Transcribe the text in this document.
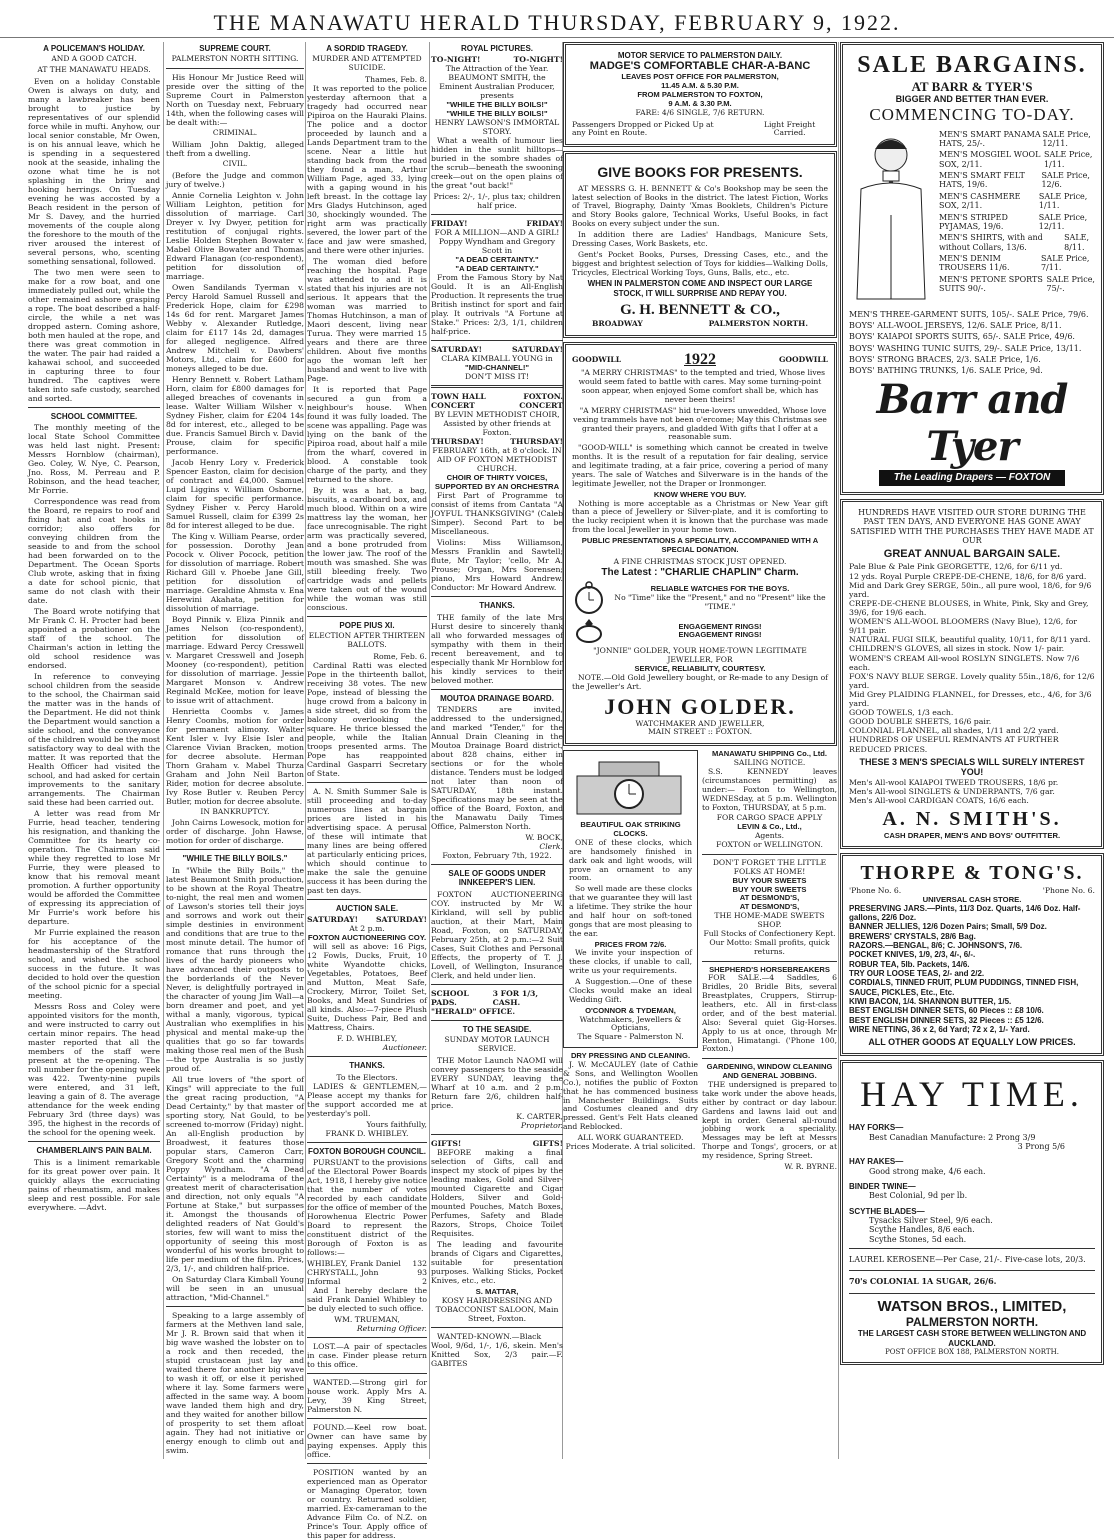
THE MANAWATU HERALD THURSDAY, FEBRUARY 9, 1922.
A POLICEMAN'S HOLIDAY.
AND A GOOD CATCH.
AT THE MANAWATU HEADS.

Even on a holiday Constable Owen is always on duty, and many a lawbreaker has been brought to justice by representatives of our splendid force while in mufti. Anyhow, our local senior constable, Mr Owen, is on his annual leave, which he is spending in a sequestered nook at the seaside, inhaling the ozone what time he is not splashing in the briny and hooking herrings. On Tuesday evening he was accosted by a Beach resident in the person of Mr S. Davey, and the hurried movements of the couple along the foreshore to the mouth of the river aroused the interest of several persons, who, scenting something sensational, followed.

The two men were seen to make for a row boat, and one immediately pulled out, while the other remained ashore grasping a rope. The boat described a half-circle, the while a net was dropped astern. Coming ashore, both men hauled at the rope, and there was great commotion in the water. The pair had raided a kahawai school, and succeeded in capturing three to four hundred. The captives were taken into safe custody, searched and sorted.

SCHOOL COMMITTEE.

The monthly meeting of the local State School Committee was held last night. Present: Messrs Hornblow (chairman), Geo. Coley, W. Nye, C. Pearson, Jno. Ross, M. Perreau and P. Robinson, and the head teacher, Mr Forrie.

Correspondence was read from the Board, re repairs to roof and fixing hat and coat hooks in corridor; also offers for conveying children from the seaside to and from the school had been forwarded on to the Department. The Ocean Sports Club wrote, asking that in fixing a date for school picnic, that same do not clash with their date.

The Board wrote notifying that Mr Frank C. H. Procter had been appointed a probationer on the staff of the school. The Chairman's action in letting the old school residence was endorsed.

In reference to conveying school children from the seaside to the school, the Chairman said the matter was in the hands of the Department. He did not think the Department would sanction a side school, and the conveyance of the children would be the most satisfactory way to deal with the matter. It was reported that the Health Officer had visited the school, and had asked for certain improvements to the sanitary arrangements. The Chairman said these had been carried out.

A letter was read from Mr Furrie, head teacher, tendering his resignation, and thanking the Committee for its hearty co-operation. The Chairman said while they regretted to lose Mr Furrie, they were pleased to know that his removal meant promotion. A further opportunity would be afforded the Committee of expressing its appreciation of Mr Furrie's work before his departure.

Mr Furrie explained the reason for his acceptance of the headmastership of the Stratford school, and wished the school success in the future. It was decided to hold over the question of the school picnic for a special meeting.

Messrs Ross and Coley were appointed visitors for the month, and were instructed to carry out certain minor repairs. The head master reported that all the members of the staff were present at the re-opening. The roll number for the opening week was 422. Twenty-nine pupils were entered, and 31 left, leaving a gain of 8. The average attendance for the week ending February 3rd (three days) was 395, the highest in the records of the school for the opening week.

CHAMBERLAIN'S PAIN BALM.

This is a liniment remarkable for its great power over pain. It quickly allays the excruciating pains of rheumatism, and makes sleep and rest possible. For sale everywhere. —Advt.

SUPREME COURT.
PALMERSTON NORTH SITTING.

His Honour Mr Justice Reed will preside over the sitting of the Supreme Court in Palmerston North on Tuesday next, February 14th, when the following cases will be dealt with:—

CRIMINAL.

William John Daktig, alleged theft from a dwelling.

CIVIL.

(Before the Judge and common jury of twelve.)

Annie Cornelia Leighton v. John William Leighton, petition for dissolution of marriage. Carl Dreyer v. Ivy Dwyer, petition for restitution of conjugal rights. Leslie Holden Stephen Bowater v. Mabel Olive Bowater and Thomas Edward Flanagan (co-respondent), petition for dissolution of marriage.

Owen Sandilands Tyerman v. Percy Harold Samuel Russell and Frederick Hope, claim for £298 14s 6d for rent. Margaret James Webby v. Alexander Rutledge, claim for £117 14s 2d, damages for alleged negligence. Alfred Andrew Mitchell v. Dawbers' Motors, Ltd., claim for £600 for moneys alleged to be due.

Henry Bennett v. Robert Latham Horn, claim for £800 damages for alleged breaches of covenants in lease. Walter William Wilsher v. Sydney Fisher, claim for £204 14s 8d for interest, etc., alleged to be due. Francis Samuel Birch v. David Prouse, claim for specific performance.

Jacob Henry Lory v. Frederick Spencer Easton, claim for decision of contract and £4,000. Samuel Lupd Liggins v. William Osborne, claim for specific performance. Sydney Fisher v. Percy Harold Samuel Russell, claim for £399 2s 8d for interest alleged to be due.

The King v. William Pearse, order for possession. Dorothy Jean Pocock v. Oliver Pocock, petition for dissolution of marriage. Robert Richard Gill v. Phoebe Jane Gill, petition for dissolution of marriage. Geraldine Ahmsta v. Ena Herewini Akahata, petition for dissolution of marriage.

Boyd Pinnik v. Eliza Pinnik and James Nelson (co-respondent), petition for dissolution of marriage. Edward Percy Cresswell v. Margaret Cresswell and Joseph Mooney (co-respondent), petition for dissolution of marriage. Jessie Margaret Monson v. Andrew Reginald McKee, motion for leave to issue writ of attachment.

Henrietta Coombs v. James Henry Coombs, motion for order for permanent alimony. Walter Kent Isler v. Ivy Elsie Isler and Clarence Vivian Bracken, motion for decree absolute. Herman Thorn Graham v. Mabel Thurza Graham and John Neil Barton Rider, motion for decree absolute. Ivy Rose Butler v. Reuben Percy Butler, motion for decree absolute.

IN BANKRUPTCY.

John Cairns Lowesock, motion for order of discharge. John Hawse, motion for order of discharge.

"WHILE THE BILLY BOILS."

In "While the Billy Boils," the latest Beaumont Smith production, to be shown at the Royal Theatre to-night, the real men and women of Lawson's stories tell their joys and sorrows and work out their simple destinies in environment and conditions that are true to the most minute detail. The humor of romance that runs through the lives of the hardy pioneers who have advanced their outposts to the borderlands of the Never Never, is delightfully portrayed in the character of young Jim Wall—a born dreamer and poet, and yet withal a manly, vigorous, typical Australian who exemplifies in his physical and mental make-up the qualities that go so far towards making those real men of the Bush—the type Australia is so justly proud of.

All true lovers of "the sport of Kings" will appreciate to the full the great racing production, "A Dead Certainty," by that master of sporting story, Nat Gould, to be screened to-morrow (Friday) night. An all-English production by Broadwest, it features those popular stars, Cameron Carr, Gregory Scott and the charming Poppy Wyndham. "A Dead Certainty" is a melodrama of the greatest merit of characterisation and direction, not only equals "A Fortune at Stake," but surpasses it. Amongst the thousands of delighted readers of Nat Gould's stories, few will want to miss the opportunity of seeing this most wonderful of his works brought to life per medium of the film. Prices, 2/3, 1/-, and children half-price.

On Saturday Clara Kimball Young will be seen in an unusual attraction, "Mid-Channel."

Speaking to a large assembly of farmers at the Methven land sale, Mr J. R. Brown said that when it big wave washed the lobster on to a rock and then receded, the stupid crustacean just lay and waited there for another big wave to wash it off, or else it perished where it lay. Some farmers were affected in the same way. A boom wave landed them high and dry, and they waited for another billow of prosperity to set them afloat again. They had not initiative or energy enough to climb out and swim.

A SORDID TRAGEDY.
MURDER AND ATTEMPTED SUICIDE.
Thames, Feb. 8.

It was reported to the police yesterday afternoon that a tragedy had occurred near Pipiroa on the Hauraki Plains. The police and a doctor proceeded by launch and a Lands Department tram to the scene. Near a little hut standing back from the road they found a man, Arthur William Page, aged 33, lying with a gaping wound in his left breast. In the cottage lay Mrs Gladys Hutchinson, aged 30, shockingly wounded. The right arm was practically severed, the lower part of the face and jaw were smashed, and there were other injuries.

The woman died before reaching the hospital. Page was attended to and it is stated that his injuries are not serious. It appears that the woman was married to Thomas Hutchinson, a man of Maori descent, living near Turua. They were married 15 years and there are three children. About five months ago the woman left her husband and went to live with Page.

It is reported that Page secured a gun from a neighbour's house. When found it was fully loaded. The scene was appalling. Page was lying on the bank of the Pipiroa road, about half a mile from the wharf, covered in blood. A constable took charge of the party, and they returned to the shore.

By it was a hat, a bag, biscuits, a cardboard box, and much blood. Within on a wire mattress lay the woman, her face unrecognisable. The right arm was practically severed, and a bone protruded from the lower jaw. The roof of the mouth was smashed. She was still bleeding freely. Two cartridge wads and pellets were taken out of the wound while the woman was still conscious.

POPE PIUS XI.
ELECTION AFTER THIRTEEN BALLOTS.
Rome, Feb. 6.

Cardinal Ratti was elected Pope in the thirteenth ballot, receiving 38 votes. The new Pope, instead of blessing the huge crowd from a balcony in a side street, did so from the balcony overlooking the square. He thrice blessed the people, while the Italian troops presented arms. The Pope has reappointed Cardinal Gasparri Secretary of State.

A. N. Smith Summer Sale is still proceeding and to-day numerous lines at bargain prices are listed in his advertising space. A perusal of these will intimate that many lines are being offered at particularly enticing prices, which should continue to make the sale the genuine success it has been during the past ten days.

AUCTION SALE.
SATURDAY! SATURDAY!
At 2 p.m.
FOXTON AUCTIONEERING COY.

will sell as above: 16 Pigs, 12 Fowls, Ducks, Fruit, 10 white Wyandotte chicks, Vegetables, Potatoes, Beef and Mutton, Meat Safe, Crockery, Mirror, Toilet Set, Books, and Meat Sundries of all kinds. Also:—7-piece Plush Suite, Duchess Pair, Bed and Mattress, Chairs.

F. D. WHIBLEY,
Auctioneer.
THANKS.
To the Electors.

LADIES & GENTLEMEN,— Please accept my thanks for the support accorded me at yesterday's poll.

Yours faithfully,
FRANK D. WHIBLEY.
FOXTON BOROUGH COUNCIL.

PURSUANT to the provisions of the Electoral Power Boards Act, 1918, I hereby give notice that the number of votes recorded by each candidate for the office of member of the Horowhenua Electric Power Board to represent the constituent district of the Borough of Foxton is as follows:—

WHIBLEY, Frank Daniel 132
CHRYSTALL, John	93
Informal	2

And I hereby declare the said Frank Daniel Whibley to be duly elected to such office.

WM. TRUEMAN,
Returning Officer.

LOST.—A pair of spectacles in case. Finder please return to this office.

WANTED.—Strong girl for house work. Apply Mrs A. Levy, 39 King Street, Palmerston N.

FOUND.—Keel row boat. Owner can have same by paying expenses. Apply this office.

POSITION wanted by an experienced man as Operator or Managing Operator, town or country. Returned soldier, married. Ex-cameraman to the Advance Film Co. of N.Z. on Prince's Tour. Apply office of this paper for address.

ROYAL PICTURES.
TO-NIGHT!	TO-NIGHT!
The Attraction of the Year. BEAUMONT SMITH, the Eminent Australian Producer, presents
"WHILE THE BILLY BOILS!"
"WHILE THE BILLY BOILS!"
HENRY LAWSON'S IMMORTAL STORY.

What a wealth of humour lies hidden in the sunlit hilltops—buried in the sombre shades of the scrub—beneath the swooning creek—out on the open plains of the great "out back!"

Prices: 2/-, 1/-, plus tax; children half price.
FRIDAY!	FRIDAY!
FOR A MILLION—AND A GIRL! Poppy Wyndham and Gregory Scott in
"A DEAD CERTAINTY."
"A DEAD CERTAINTY."

From the Famous Story by Nat Gould. It is an All-English Production. It represents the true British instinct for sport and fair play. It outrivals "A Fortune at Stake." Prices: 2/3, 1/1, children half-price.

SATURDAY!	SATURDAY!
CLARA KIMBALL YOUNG in
"MID-CHANNEL!"
DON'T MISS IT!
TOWN HALL	FOXTON.
CONCERT	CONCERT
BY LEVIN METHODIST CHOIR, Assisted by other friends at Foxton.
THURSDAY!	THURSDAY!
FEBRUARY 16th, at 8 o'clock. IN AID OF FOXTON METHODIST CHURCH.
CHOIR OF THIRTY VOICES,
SUPPORTED BY AN ORCHESTRA

First Part of Programme to consist of items from Cantata "A JOYFUL THANKSGIVING" (Caleb Simper). Second Part to be Miscellaneous.

Violins: Miss Williamson, Messrs Franklin and Sawtell; flute, Mr Taylor; 'cello, Mr A. Prouse; Organ, Mrs Sorensen; piano, Mrs Howard Andrew. Conductor: Mr Howard Andrew.

THANKS.

THE family of the late Mrs Hurst desire to sincerely thank all who forwarded messages of sympathy with them in their recent bereavement, and to especially thank Mr Hornblow for his kindly services to their beloved mother.

MOUTOA DRAINAGE BOARD.

TENDERS are invited, addressed to the undersigned, and marked "Tender," for the Annual Drain Cleaning in the Moutoa Drainage Board district, about 828 chains, either in sections or for the whole distance. Tenders must be lodged not later than noon of SATURDAY, 18th instant. Specifications may be seen at the office of the Board, Foxton, and the Manawatu Daily Times Office, Palmerston North.

W. BOCK,
Clerk.
Foxton, February 7th, 1922.
SALE OF GOODS UNDER INNKEEPER'S LIEN.

FOXTON AUCTIONEERING COY. instructed by Mr W. Kirkland, will sell by public auction, at their Mart, Main Road, Foxton, on SATURDAY, February 25th, at 2 p.m.:—2 Suit Cases, Suit Clothes and Personal Effects, the property of T. J. Lovell, of Wellington, Insurance Clerk, and held under lien.

SCHOOL PADS.
3 FOR 1/3, CASH.
"HERALD" OFFICE.
TO THE SEASIDE.
SUNDAY MOTOR LAUNCH SERVICE.

THE Motor Launch NAOMI will convey passengers to the seaside EVERY SUNDAY, leaving the Wharf at 10 a.m. and 2 p.m. Return fare 2/6, children half-price.

K. CARTER,
Proprietor.
GIFTS!	GIFTS!

BEFORE making a final selection of Gifts, call and inspect my stock of pipes by the leading makes, Gold and Silver-mounted Cigarette and Cigar Holders, Silver and Gold-mounted Pouches, Match Boxes, Perfumes, Safety and Blade Razors, Strops, Choice Toilet Requisites.

The leading and favourite brands of Cigars and Cigarettes, suitable for presentation purposes. Walking Sticks, Pocket Knives, etc., etc.

S. MATTAR,
KOSY HAIRDRESSING AND TOBACCONIST SALOON, Main Street, Foxton.

WANTED-KNOWN.—Black Wool, 9/6d, 1/-, 1/6, skein. Men's Knitted Sox, 2/3 pair.—F. GABITES

MOTOR SERVICE TO PALMERSTON DAILY.
MADGE'S COMFORTABLE CHAR-A-BANC
LEAVES POST OFFICE FOR PALMERSTON,
11.45 A.M. & 5.30 P.M.
FROM PALMERSTON TO FOXTON,
9 A.M. & 3.30 P.M.
FARE: 4/6 SINGLE, 7/6 RETURN.
Passengers Dropped or Picked Up at any Point en Route.
Light Freight Carried.
GIVE BOOKS FOR PRESENTS.

AT MESSRS G. H. BENNETT & Co's Bookshop may be seen the latest selection of Books in the district. The latest Fiction, Works of Travel, Biography, Dainty 'Xmas Booklets, Children's Picture and Story Books galore, Technical Works, Useful Books, in fact Books on every subject under the sun.

In addition there are Ladies' Handbags, Manicure Sets, Dressing Cases, Work Baskets, etc.

Gent's Pocket Books, Purses, Dressing Cases, etc., and the biggest and brightest selection of Toys for kiddies—Walking Dolls, Tricycles, Electrical Working Toys, Guns, Balls, etc., etc.

WHEN IN PALMERSTON COME AND INSPECT OUR LARGE STOCK, IT WILL SURPRISE AND REPAY YOU.
G. H. BENNETT & CO.,
BROADWAY	PALMERSTON NORTH.
GOODWILL	1922	GOODWILL

"A MERRY CHRISTMAS" to the tempted and tried, Whose lives would seem fated to battle with cares. May some turning-point soon appear, when enjoyed Some comfort shall be, which has never been theirs!

"A MERRY CHRISTMAS" hid true-lovers unwedded, Whose love vexing trammels have not been o'ercome; May this Christmas see granted their prayers, and gladded With gifts that I offer at a reasonable sum.

"GOOD-WILL" is something which cannot be created in twelve months. It is the result of a reputation for fair dealing, service and legitimate trading, at a fair price, covering a period of many years. The sale of Watches and Silverware is in the hands of the legitimate Jeweller, not the Draper or Ironmonger.

KNOW WHERE YOU BUY.

Nothing is more acceptable as a Christmas or New Year gift than a piece of Jewellery or Silver-plate, and it is comforting to the lucky recipient when it is known that the purchase was made from the local Jeweller in your home town.

PUBLIC PRESENTATIONS A SPECIALITY, ACCOMPANIED WITH A SPECIAL DONATION.
A FINE CHRISTMAS STOCK JUST OPENED.
The Latest : "CHARLIE CHAPLIN" Charm.
RELIABLE WATCHES FOR THE BOYS.
No "Time" like the "Present," and no "Present" like the "TIME."
ENGAGEMENT RINGS!
ENGAGEMENT RINGS!
"JONNIE" GOLDER, YOUR HOME-TOWN LEGITIMATE JEWELLER, FOR
SERVICE, RELIABILITY, COURTESY.

NOTE.—Old Gold Jewellery bought, or Re-made to any Design of the Jeweller's Art.

JOHN GOLDER.
WATCHMAKER AND JEWELLER,
MAIN STREET :: FOXTON.
BEAUTIFUL OAK STRIKING CLOCKS.

ONE of these clocks, which are handsomely finished in dark oak and light woods, will prove an ornament to any room.

So well made are these clocks that we guarantee they will last a lifetime. They strike the hour and half hour on soft-toned gongs that are most pleasing to the ear.

PRICES FROM 72/6.

We invite your inspection of these clocks, if unable to call, write us your requirements.

A Suggestion.—One of these Clocks would make an ideal Wedding Gift.

O'CONNOR & TYDEMAN,
Watchmakers, Jewellers & Opticians,
The Square - Palmerston N.
DRY PRESSING AND CLEANING.

J. W. McCAULEY (late of Cathie & Sons, and Wellington Woollen Co.), notifies the public of Foxton that he has commenced business in Manchester Buildings. Suits and Costumes cleaned and dry pressed. Gent's Felt Hats cleaned and Reblocked.

ALL WORK GUARANTEED.
Prices Moderate. A trial solicited.
MANAWATU SHIPPING Co., Ltd.
SAILING NOTICE.

S.S. KENNEDY leaves (circumstances permitting) as under:— Foxton to Wellington, WEDNESday, at 5 p.m. Wellington to Foxton, THURSDAY, at 5 p.m.

FOR CARGO SPACE APPLY
LEVIN & Co., Ltd.,
Agents.
FOXTON or WELLINGTON.
DON'T FORGET THE LITTLE FOLKS AT HOME!
BUY YOUR SWEETS
BUY YOUR SWEETS
AT DESMOND'S,
AT DESMOND'S,
THE HOME-MADE SWEETS SHOP.
Full Stocks of Confectionery Kept.
Our Motto: Small profits, quick returns.
SHEPHERD'S HORSEBREAKERS

FOR SALE.—4 Saddles, 6 Bridles, 20 Bridle Bits, several Breastplates, Cruppers, Stirrup-leathers, etc. All in first-class order, and of the best material. Also: Several quiet Gig-Horses. Apply to us at once, through Mr Renton, Himatangi. ('Phone 100, Foxton.)

GARDENING, WINDOW CLEANING AND GENERAL JOBBING.

THE undersigned is prepared to take work under the above heads, either by contract or day labour. Gardens and lawns laid out and kept in order. General all-round jobbing work a speciality. Messages may be left at Messrs Thorpe and Tongs', grocers, or at my residence, Spring Street.

W. R. BYRNE.
SALE BARGAINS.
AT BARR & TYER'S
BIGGER AND BETTER THAN EVER.
COMMENCING TO-DAY.
MEN'S SMART PANAMA HATS, 25/-.
SALE Price, 12/11.
MEN'S MOSGIEL WOOL SOX, 2/11.
SALE Price, 1/11.
MEN'S SMART FELT HATS, 19/6.
SALE Price, 12/6.
MEN'S CASHMERE SOX, 2/11.
SALE Price, 1/11.
MEN'S STRIPED PYJAMAS, 19/6.
SALE Price, 12/11.
MEN'S SHIRTS, with and without Collars, 13/6.
SALE, 8/11.
MEN'S DENIM TROUSERS 11/6.
SALE Price, 7/11.
MEN'S PETONE SPORTS SUITS 90/-.
SALE Price, 75/-.
MEN'S THREE-GARMENT SUITS, 105/-. SALE Price, 79/6.
BOYS' ALL-WOOL JERSEYS, 12/6. SALE Price, 8/11.
BOYS' KAIAPOI SPORTS SUITS, 65/-. SALE Price, 49/6.
BOYS' WASHING TUNIC SUITS, 29/-. SALE Price, 13/11.
BOYS' STRONG BRACES, 2/3. SALE Price, 1/6.
BOYS' BATHING TRUNKS, 1/6. SALE Price, 9d.
Barr and Tyer
The Leading Drapers — FOXTON
HUNDREDS HAVE VISITED OUR STORE DURING THE PAST TEN DAYS, AND EVERYONE HAS GONE AWAY SATISFIED WITH THE PURCHASES THEY HAVE MADE AT OUR
GREAT ANNUAL BARGAIN SALE.
Pale Blue & Pale Pink GEORGETTE, 12/6, for 6/11 yd.
12 yds. Royal Purple CREPE-DE-CHENE, 18/6, for 8/6 yard.
Mid and Dark Grey SERGE, 50in., all pure wool, 18/6, for 9/6 yard.
CREPE-DE-CHENE BLOUSES, in White, Pink, Sky and Grey, 39/6, for 19/6 each.
WOMEN'S ALL-WOOL BLOOMERS (Navy Blue), 12/6, for 9/11 pair.
NATURAL FUGI SILK, beautiful quality, 10/11, for 8/11 yard.
CHILDREN'S GLOVES, all sizes in stock. Now 1/- pair.
WOMEN'S CREAM All-wool ROSLYN SINGLETS. Now 7/6 each.
FOX'S NAVY BLUE SERGE. Lovely quality 55in.,18/6, for 12/6 yard.
Mid Grey PLAIDING FLANNEL, for Dresses, etc., 4/6, for 3/6 yard.
GOOD TOWELS, 1/3 each.
GOOD DOUBLE SHEETS, 16/6 pair.
COLONIAL FLANNEL, all shades, 1/11 and 2/2 yard.
HUNDREDS OF USEFUL REMNANTS AT FURTHER REDUCED PRICES.
THESE 3 MEN'S SPECIALS WILL SURELY INTEREST YOU!
Men's All-wool KAIAPOI TWEED TROUSERS, 18/6 pr.
Men's All-wool SINGLETS & UNDERPANTS, 7/6 gar.
Men's All-wool CARDIGAN COATS, 16/6 each.
A. N. SMITH'S.
CASH DRAPER, MEN'S AND BOYS' OUTFITTER.
THORPE & TONG'S.
'Phone No. 6.	'Phone No. 6.
UNIVERSAL CASH STORE.
PRESERVING JARS.—Pints, 11/3 Doz. Quarts, 14/6 Doz. Half-gallons, 22/6 Doz.
BANNER JELLIES, 12/6 Dozen Pairs; Small, 5/9 Doz.
BREWERS' CRYSTALS, 28/6 Bag.
RAZORS.—BENGAL, 8/6; C. JOHNSON'S, 7/6.
POCKET KNIVES, 1/9, 2/3, 4/-, 6/-.
ROBUR TEA, 5lb. Packets, 14/6.
TRY OUR LOOSE TEAS, 2/- and 2/2.
CORDIALS, TINNED FRUIT, PLUM PUDDINGS, TINNED FISH, SAUCE, PICKLES, Etc., Etc.
KIWI BACON, 1/4. SHANNON BUTTER, 1/5.
BEST ENGLISH DINNER SETS, 60 Pieces :: £8 10/6.
BEST ENGLISH DINNER SETS, 32 Pieces :: £5 12/6.
WIRE NETTING, 36 x 2, 6d Yard; 72 x 2, 1/- Yard.
ALL OTHER GOODS AT EQUALLY LOW PRICES.
HAY TIME.
HAY FORKS—
Best Canadian Manufacture: 2 Prong 3/9
3 Prong 5/6
HAY RAKES—
Good strong make, 4/6 each.
BINDER TWINE—
Best Colonial, 9d per lb.
SCYTHE BLADES—
Tysacks Silver Steel, 9/6 each.
Scythe Handles, 8/6 each.
Scythe Stones, 5d each.
LAUREL KEROSENE—Per Case, 21/-. Five-case lots, 20/3.
70's COLONIAL 1A SUGAR, 26/6.
WATSON BROS., LIMITED,
PALMERSTON NORTH.
THE LARGEST CASH STORE BETWEEN WELLINGTON AND AUCKLAND.
POST OFFICE BOX 188, PALMERSTON NORTH.
